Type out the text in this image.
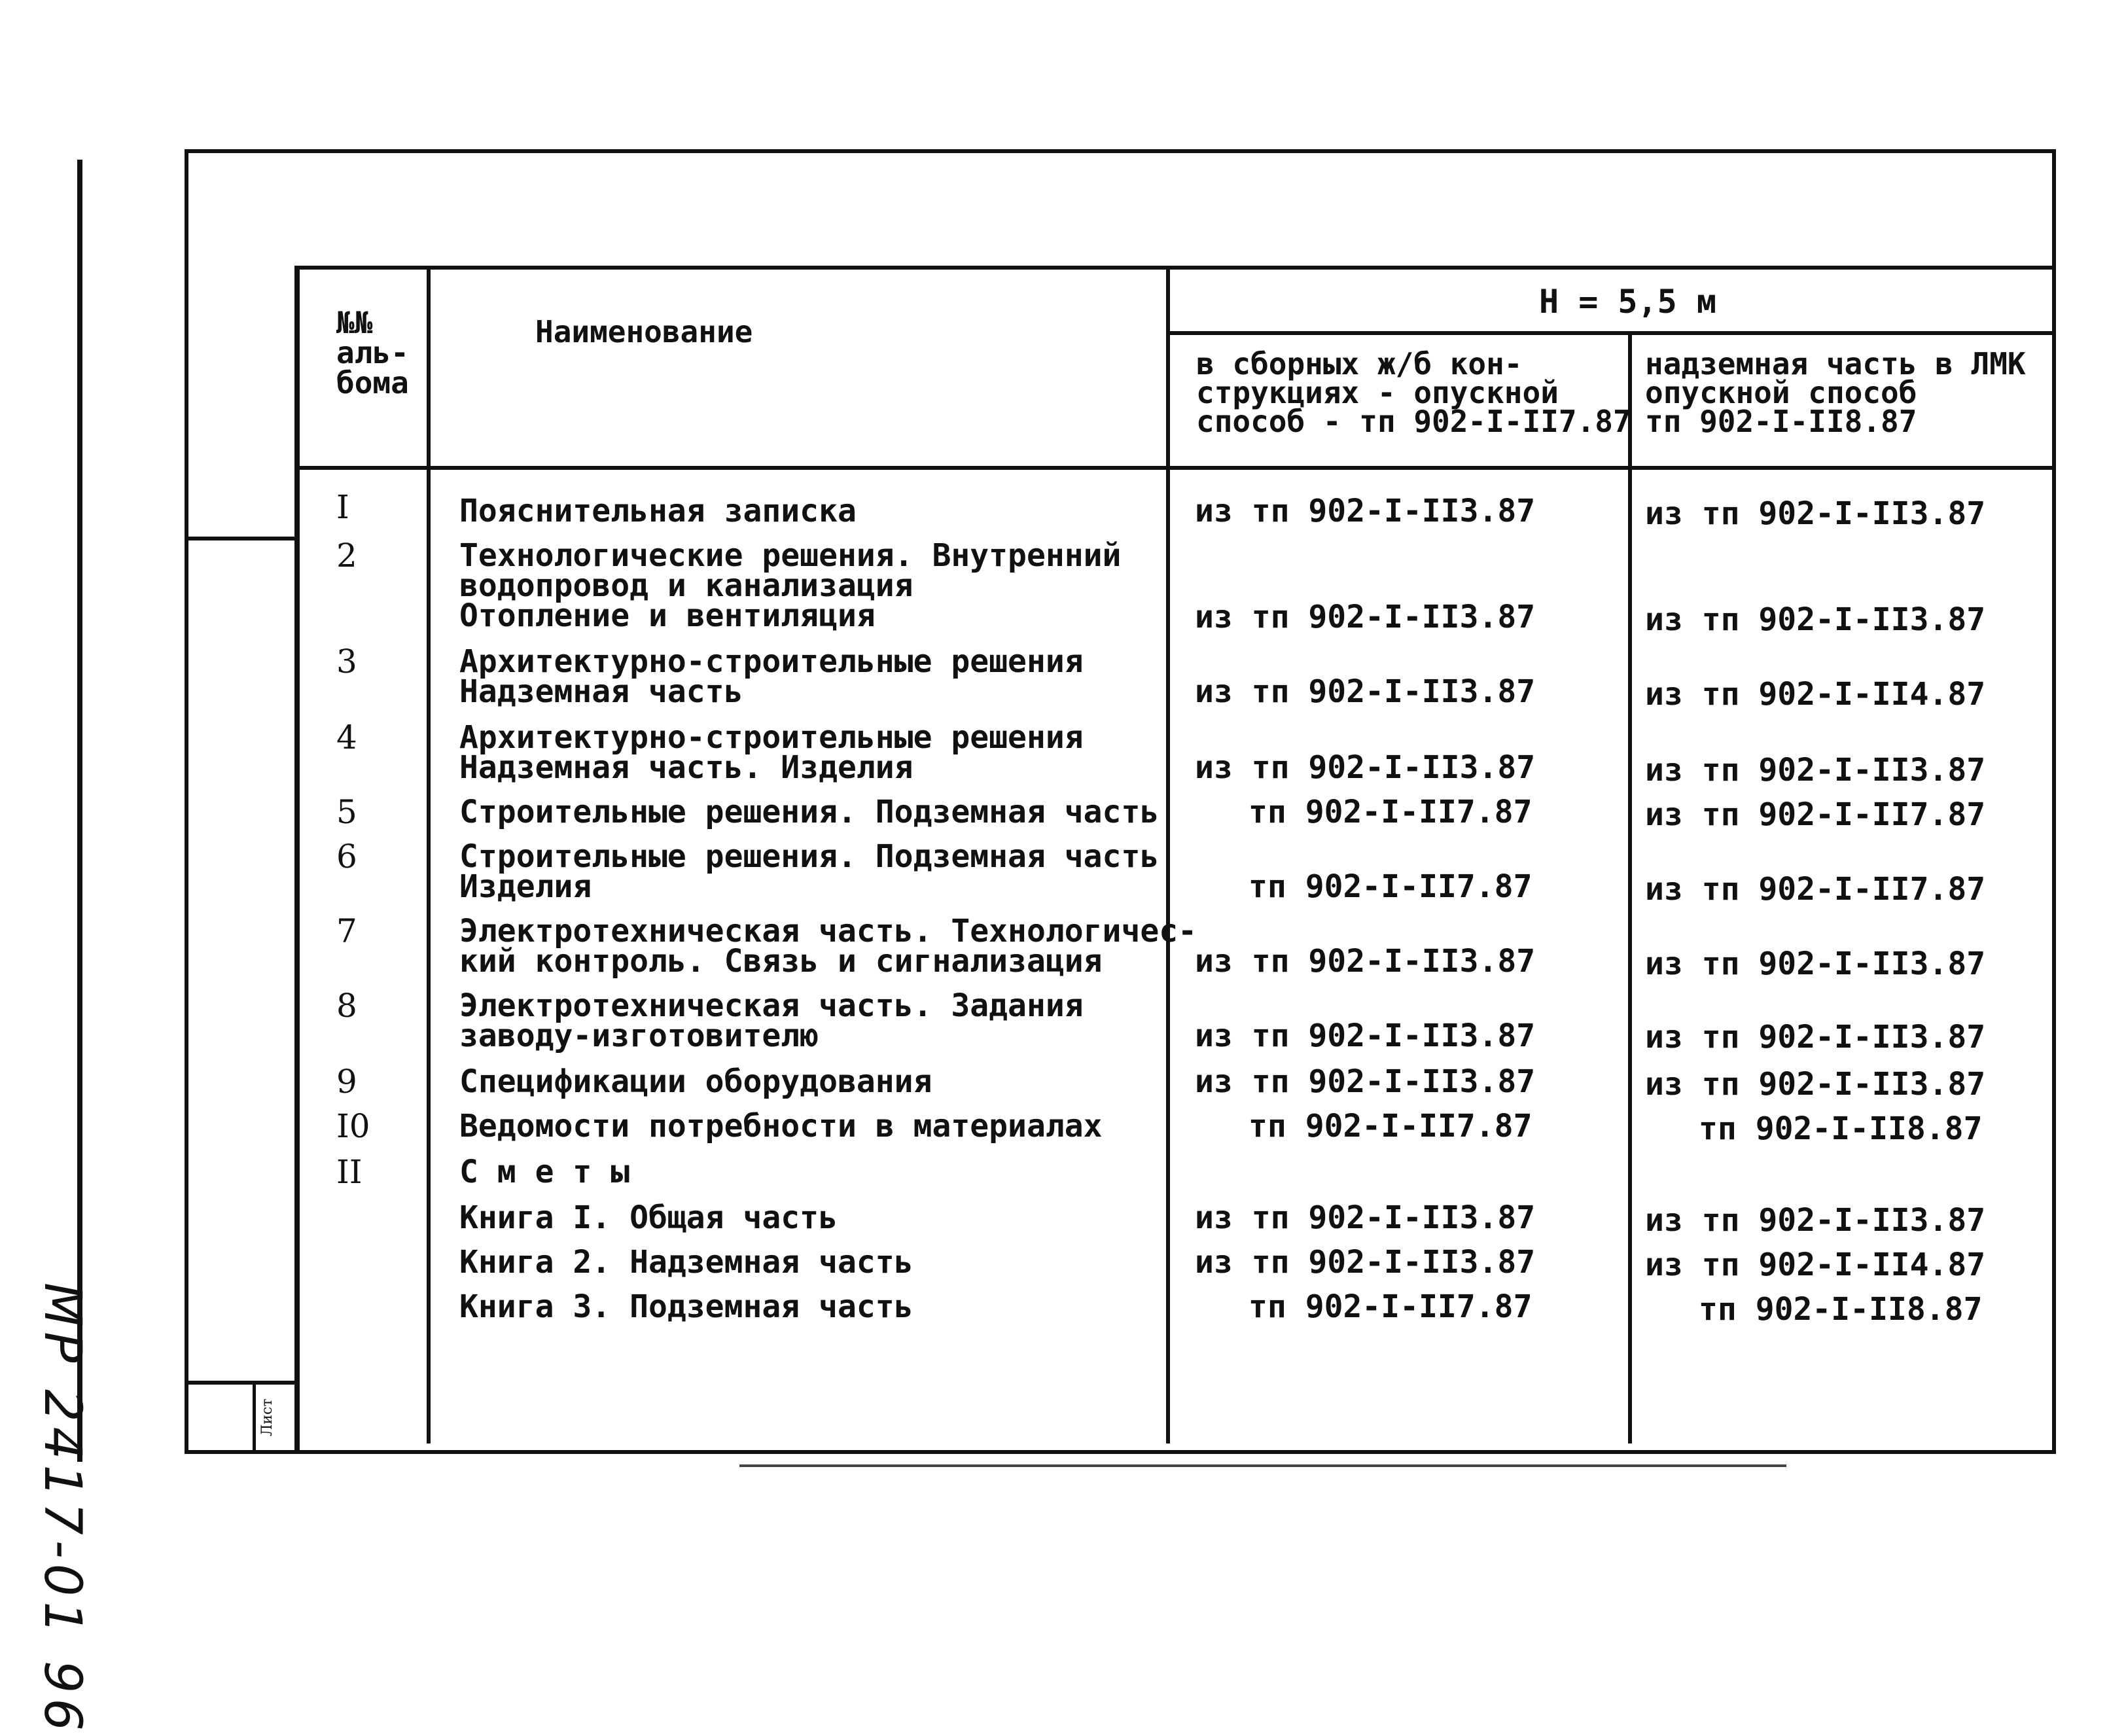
Лист
МР 2417-01 96
№№
аль-
бома
Наименование
H = 5,5 м
в сборных ж/б кон-
струкциях - опускной
способ - тп 902-I-II7.87
надземная часть в ЛМК
опускной способ
тп 902-I-II8.87
I	Пояснительная записка	из тп 902-I-II3.87	из тп 902-I-II3.87
2	Технологические решения. Внутренний
водопровод и канализация
Отопление и вентиляция	из тп 902-I-II3.87	из тп 902-I-II3.87
3	Архитектурно-строительные решения
Надземная часть	из тп 902-I-II3.87	из тп 902-I-II4.87
4	Архитектурно-строительные решения
Надземная часть. Изделия	из тп 902-I-II3.87	из тп 902-I-II3.87
5	Строительные решения. Подземная часть	тп 902-I-II7.87	из тп 902-I-II7.87
6	Строительные решения. Подземная часть
Изделия	тп 902-I-II7.87	из тп 902-I-II7.87
7	Электротехническая часть. Технологичес-
кий контроль. Связь и сигнализация	из тп 902-I-II3.87	из тп 902-I-II3.87
8	Электротехническая часть. Задания
заводу-изготовителю	из тп 902-I-II3.87	из тп 902-I-II3.87
9	Спецификации оборудования	из тп 902-I-II3.87	из тп 902-I-II3.87
I0	Ведомости потребности в материалах	тп 902-I-II7.87	тп 902-I-II8.87
II	С м е т ы
Книга I. Общая часть	из тп 902-I-II3.87	из тп 902-I-II3.87
Книга 2. Надземная часть	из тп 902-I-II3.87	из тп 902-I-II4.87
Книга 3. Подземная часть	тп 902-I-II7.87	тп 902-I-II8.87
